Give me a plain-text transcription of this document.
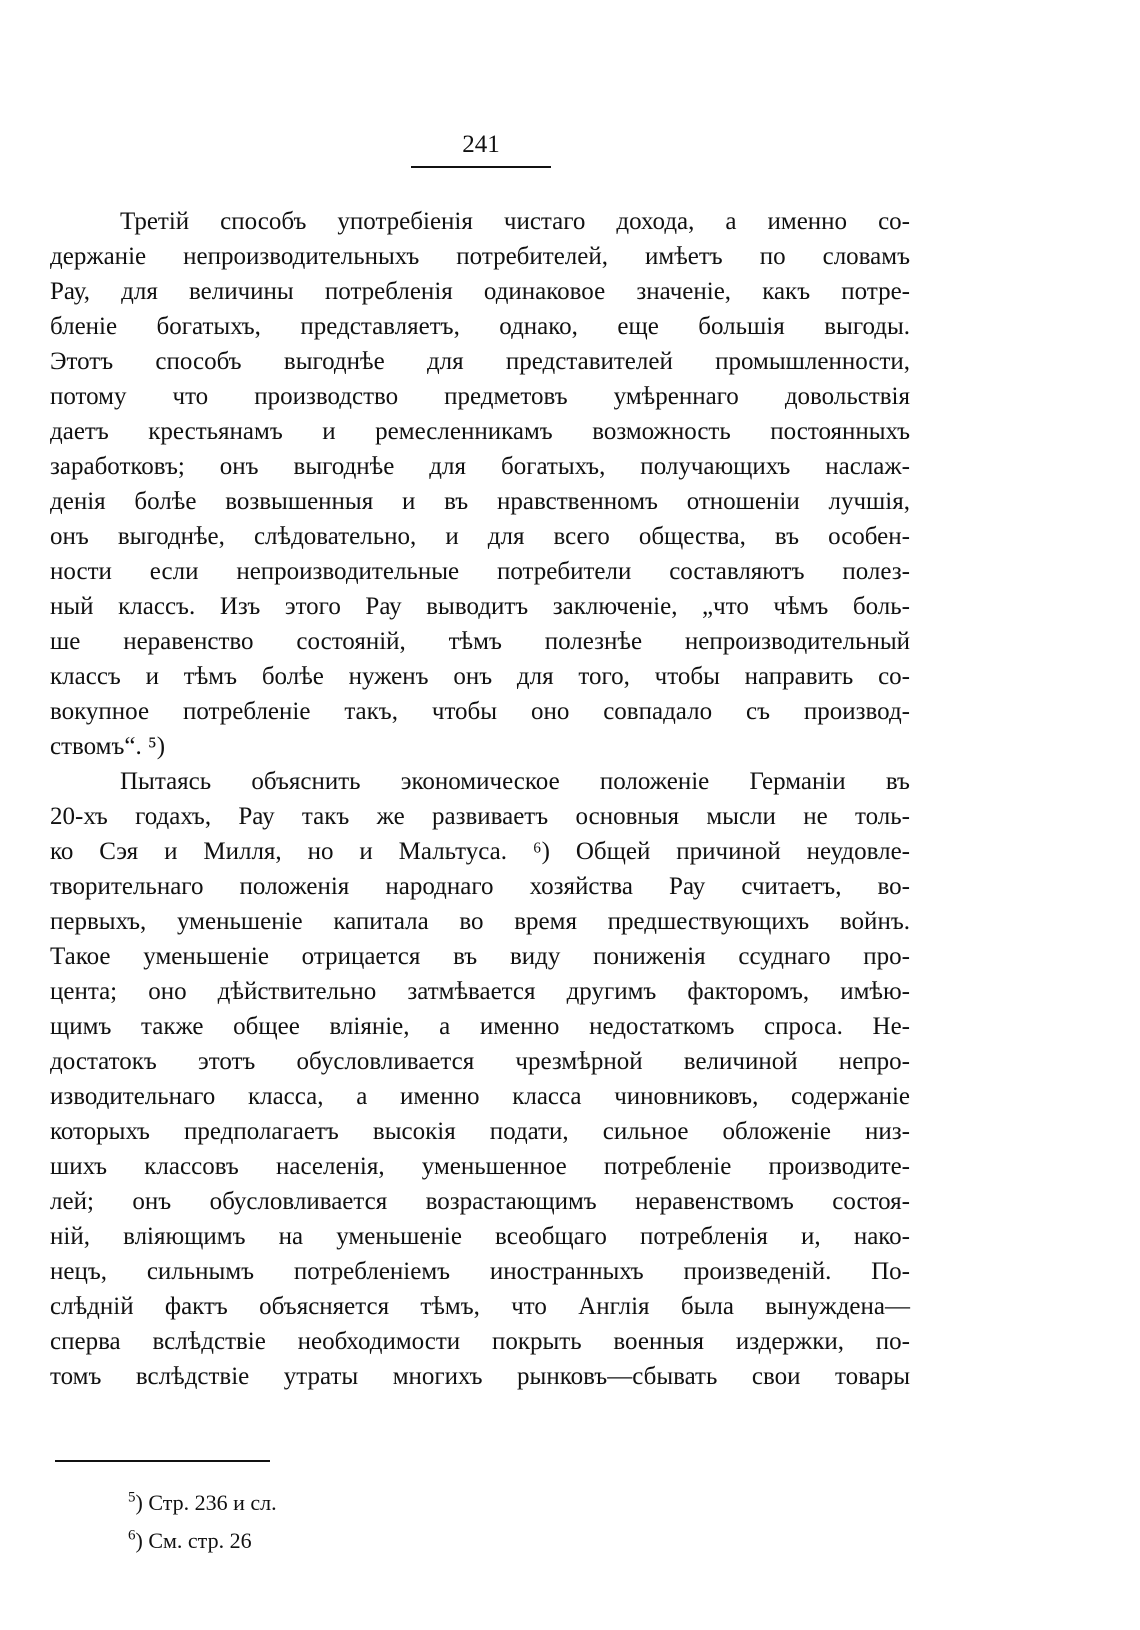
241
Третій способъ употребіенія чистаго дохода, а именно со-
держаніе непроизводительныхъ потребителей, имѣетъ по словамъ
Рау, для величины потребленія одинаковое значеніе, какъ потре-
бленіе богатыхъ, представляетъ, однако, еще большія выгоды.
Этотъ способъ выгоднѣе для представителей промышленности,
потому что производство предметовъ умѣреннаго довольствія
даетъ крестьянамъ и ремесленникамъ возможность постоянныхъ
заработковъ; онъ выгоднѣе для богатыхъ, получающихъ наслаж-
денія болѣе возвышенныя и въ нравственномъ отношеніи лучшія,
онъ выгоднѣе, слѣдовательно, и для всего общества, въ особен-
ности если непроизводительные потребители составляютъ полез-
ный классъ. Изъ этого Рау выводитъ заключеніе, „что чѣмъ боль-
ше неравенство состояній, тѣмъ полезнѣе непроизводительный
классъ и тѣмъ болѣе нуженъ онъ для того, чтобы направить со-
вокупное потребленіе такъ, чтобы оно совпадало съ производ-
ствомъ“. ⁵)
Пытаясь объяснить экономическое положеніе Германіи въ
20-хъ годахъ, Рау такъ же развиваетъ основныя мысли не толь-
ко Сэя и Милля, но и Мальтуса. ⁶) Общей причиной неудовле-
творительнаго положенія народнаго хозяйства Рау считаетъ, во-
первыхъ, уменьшеніе капитала во время предшествующихъ войнъ.
Такое уменьшеніе отрицается въ виду пониженія ссуднаго про-
цента; оно дѣйствительно затмѣвается другимъ факторомъ, имѣю-
щимъ также общее вліяніе, а именно недостаткомъ спроса. Не-
достатокъ этотъ обусловливается чрезмѣрной величиной непро-
изводительнаго класса, а именно класса чиновниковъ, содержаніе
которыхъ предполагаетъ высокія подати, сильное обложеніе низ-
шихъ классовъ населенія, уменьшенное потребленіе производите-
лей; онъ обусловливается возрастающимъ неравенствомъ состоя-
ній, вліяющимъ на уменьшеніе всеобщаго потребленія и, нако-
нецъ, сильнымъ потребленіемъ иностранныхъ произведеній. По-
слѣдній фактъ объясняется тѣмъ, что Англія была вынуждена—
сперва вслѣдствіе необходимости покрыть военныя издержки, по-
томъ вслѣдствіе утраты многихъ рынковъ—сбывать свои товары
$^5$) Стр. 236 и сл.
$^6$) См. стр. 26
